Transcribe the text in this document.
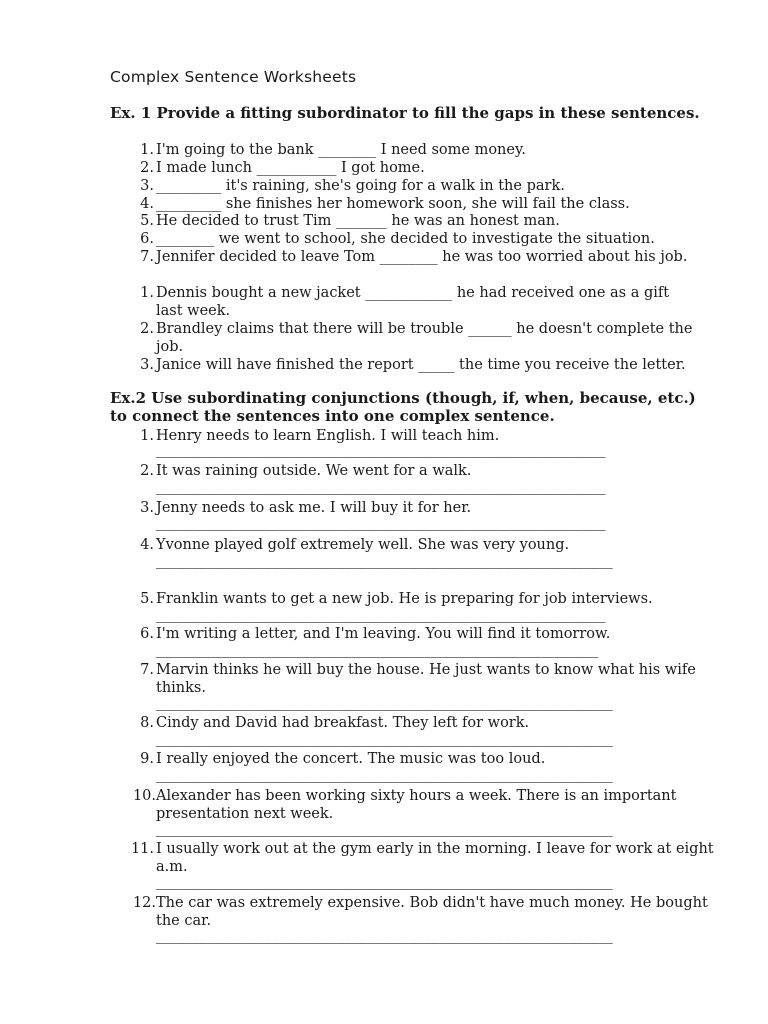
Complex Sentence Worksheets
Ex. 1 Provide a fitting subordinator to fill the gaps in these sentences.
1. I'm going to the bank ________ I need some money.
2. I made lunch ___________ I got home.
3. _________ it's raining, she's going for a walk in the park.
4. _________ she finishes her homework soon, she will fail the class.
5. He decided to trust Tim _______ he was an honest man.
6. ________ we went to school, she decided to investigate the situation.
7. Jennifer decided to leave Tom ________ he was too worried about his job.
1. Dennis bought a new jacket ____________ he had received one as a gift
last week.
2. Brandley claims that there will be trouble ______ he doesn't complete the
job.
3. Janice will have finished the report _____ the time you receive the letter.
Ex.2 Use subordinating conjunctions (though, if, when, because, etc.)
to connect the sentences into one complex sentence.
1. Henry needs to learn English. I will teach him.
______________________________________________________________
2. It was raining outside. We went for a walk.
______________________________________________________________
3. Jenny needs to ask me. I will buy it for her.
______________________________________________________________
4. Yvonne played golf extremely well. She was very young.
_______________________________________________________________
5. Franklin wants to get a new job. He is preparing for job interviews.
______________________________________________________________
6. I'm writing a letter, and I'm leaving. You will find it tomorrow.
_____________________________________________________________
7. Marvin thinks he will buy the house. He just wants to know what his wife
thinks.
_______________________________________________________________
8. Cindy and David had breakfast. They left for work.
_______________________________________________________________
9. I really enjoyed the concert. The music was too loud.
_______________________________________________________________
10. Alexander has been working sixty hours a week. There is an important
presentation next week.
_______________________________________________________________
11. I usually work out at the gym early in the morning. I leave for work at eight
a.m.
_______________________________________________________________
12. The car was extremely expensive. Bob didn't have much money. He bought
the car.
_______________________________________________________________
